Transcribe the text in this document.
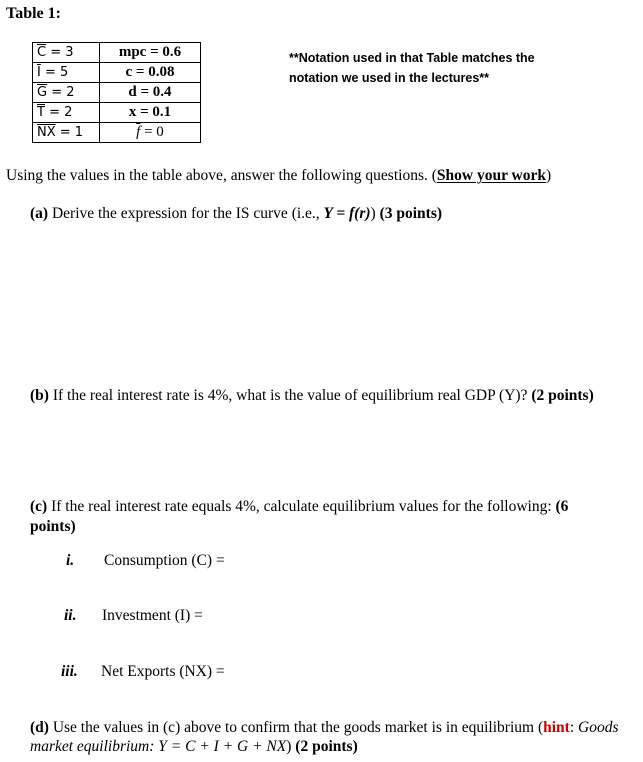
Table 1:
$\overline{C} = 3$	mpc = 0.6
$\overline{I} = 5$	c = 0.08
$\overline{G} = 2$	d = 0.4
$\overline{T} = 2$	x = 0.1
$\overline{NX} = 1$	$\overline{f} = 0$
**Notation used in that Table matches the
notation we used in the lectures**
Using the values in the table above, answer the following questions. (Show your work)
(a) Derive the expression for the IS curve (i.e., Y = f(r)) (3 points)
(b) If the real interest rate is 4%, what is the value of equilibrium real GDP (Y)? (2 points)
(c) If the real interest rate equals 4%, calculate equilibrium values for the following: (6 points)
i. Consumption (C) =
ii. Investment (I) =
iii. Net Exports (NX) =
(d) Use the values in (c) above to confirm that the goods market is in equilibrium (hint: Goods market equilibrium: Y = C + I + G + NX) (2 points)
